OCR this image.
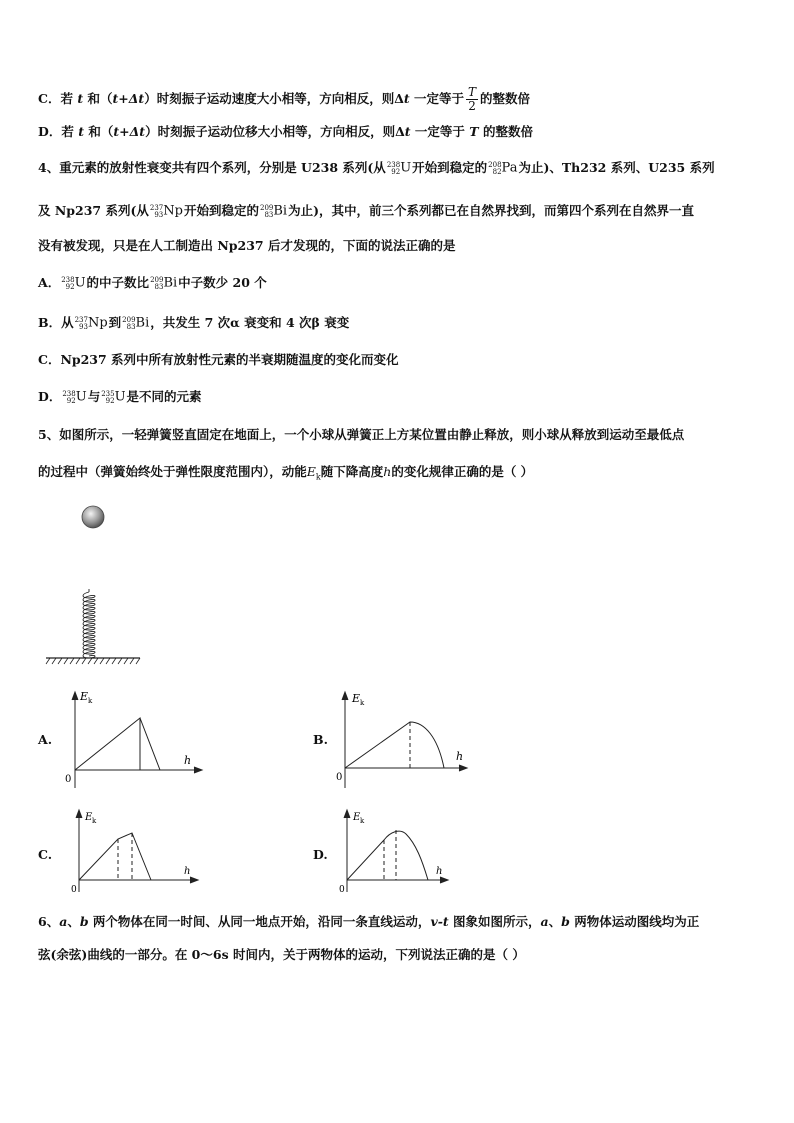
C．若 t 和（t+Δt）时刻振子运动速度大小相等，方向相反，则Δt 一定等于 $\frac{T}{2}$ 的整数倍
D．若 t 和（t+Δt）时刻振子运动位移大小相等，方向相反，则Δt 一定等于 T 的整数倍
4、重元素的放射性衰变共有四个系列，分别是 U238 系列(从 238
92 U开始到稳定的 208
82 Pa为止)、Th232 系列、U235 系列
及 Np237 系列(从 237
93 Np开始到稳定的 209
83 Bi为止)，其中，前三个系列都已在自然界找到，而第四个系列在自然界一直
没有被发现，只是在人工制造出 Np237 后才发现的，下面的说法正确的是
A． 238
92 U的中子数比 209
83 Bi中子数少 20 个
B．从 237
93 Np到 209
83 Bi，共发生 7 次α 衰变和 4 次β 衰变
C．Np237 系列中所有放射性元素的半衰期随温度的变化而变化
D． 238
92 U与 235
92 U是不同的元素
5、如图所示，一轻弹簧竖直固定在地面上，一个小球从弹簧正上方某位置由静止释放，则小球从释放到运动至最低点
的过程中（弹簧始终处于弹性限度范围内），动能$E_k$随下降高度h的变化规律正确的是（ ）
A.	B.
C.	D.
E k
h
0
E k
h
0
E k
h
0
E k
h
0
6、a、b 两个物体在同一时间、从同一地点开始，沿同一条直线运动，v-t 图象如图所示，a、b 两物体运动图线均为正
弦(余弦)曲线的一部分。在 0～6s 时间内，关于两物体的运动，下列说法正确的是（ ）
